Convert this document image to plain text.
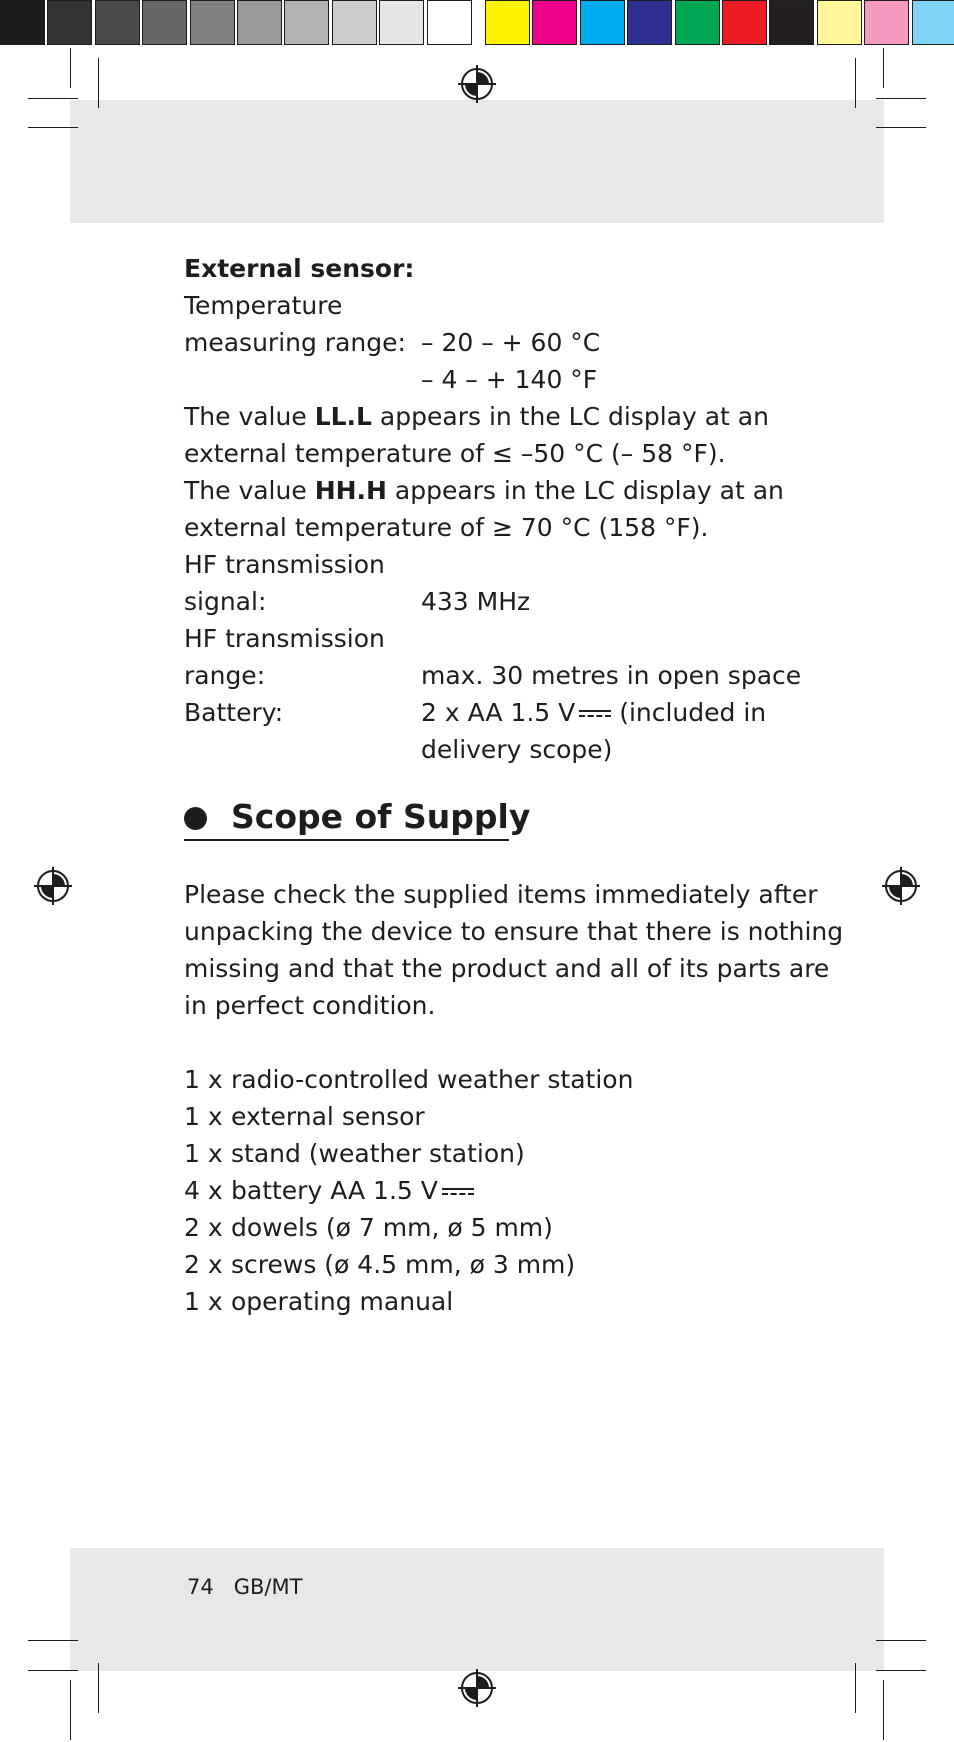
External sensor:
Temperature
measuring range: – 20 – + 60 °C
– 4 – + 140 °F
The value LL.L appears in the LC display at an
external temperature of ≤ –50 °C (– 58 °F).
The value HH.H appears in the LC display at an
external temperature of ≥ 70 °C (158 °F).
HF transmission
signal:	433 MHz
HF transmission
range:	max. 30 metres in open space
Battery:	2 x AA 1.5 V (included in
delivery scope)
Scope of Supply
Please check the supplied items immediately after
unpacking the device to ensure that there is nothing
missing and that the product and all of its parts are
in perfect condition.
1 x radio-controlled weather station
1 x external sensor
1 x stand (weather station)
4 x battery AA 1.5 V
2 x dowels (ø 7 mm, ø 5 mm)
2 x screws (ø 4.5 mm, ø 3 mm)
1 x operating manual
74 GB/MT
